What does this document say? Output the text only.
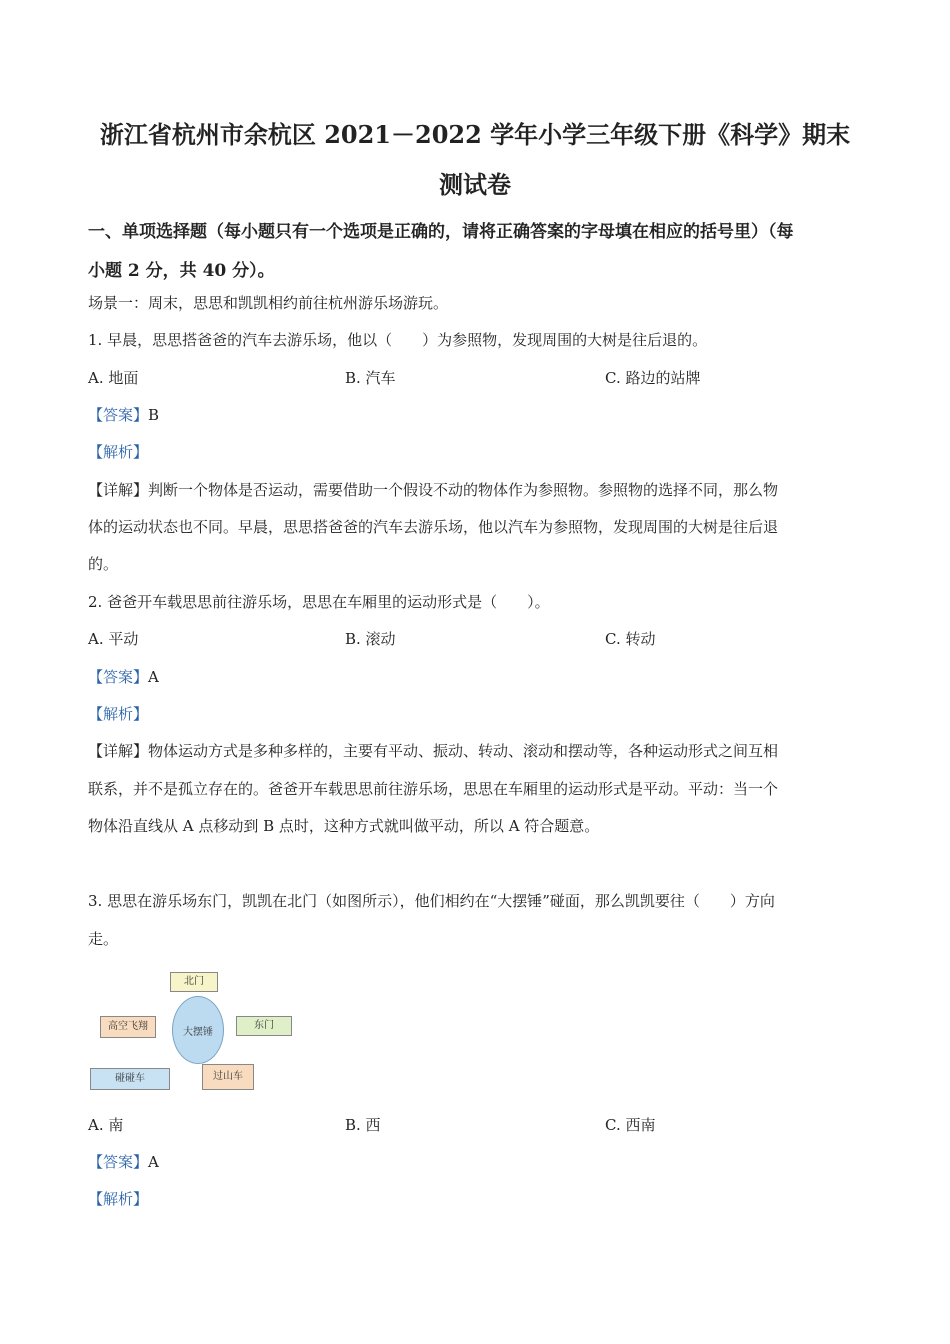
浙江省杭州市余杭区 2021－2022 学年小学三年级下册《科学》期末
测试卷
一、单项选择题（每小题只有一个选项是正确的，请将正确答案的字母填在相应的括号里）（每
小题 2 分，共 40 分）。
场景一：周末，思思和凯凯相约前往杭州游乐场游玩。
1. 早晨，思思搭爸爸的汽车去游乐场，他以（　　）为参照物，发现周围的大树是往后退的。
A. 地面	B. 汽车	C. 路边的站牌
【答案】B
【解析】
【详解】判断一个物体是否运动，需要借助一个假设不动的物体作为参照物。参照物的选择不同，那么物
体的运动状态也不同。早晨，思思搭爸爸的汽车去游乐场，他以汽车为参照物，发现周围的大树是往后退
的。
2. 爸爸开车载思思前往游乐场，思思在车厢里的运动形式是（　　）。
A. 平动	B. 滚动	C. 转动
【答案】A
【解析】
【详解】物体运动方式是多种多样的，主要有平动、振动、转动、滚动和摆动等，各种运动形式之间互相
联系，并不是孤立存在的。爸爸开车载思思前往游乐场，思思在车厢里的运动形式是平动。平动：当一个
物体沿直线从 A 点移动到 B 点时，这种方式就叫做平动，所以 A 符合题意。
3. 思思在游乐场东门，凯凯在北门（如图所示），他们相约在“大摆锤”碰面，那么凯凯要往（　　）方向
走。
北门
大摆锤
高空飞翔	东门
碰碰车	过山车
A. 南	B. 西	C. 西南
【答案】A
【解析】
